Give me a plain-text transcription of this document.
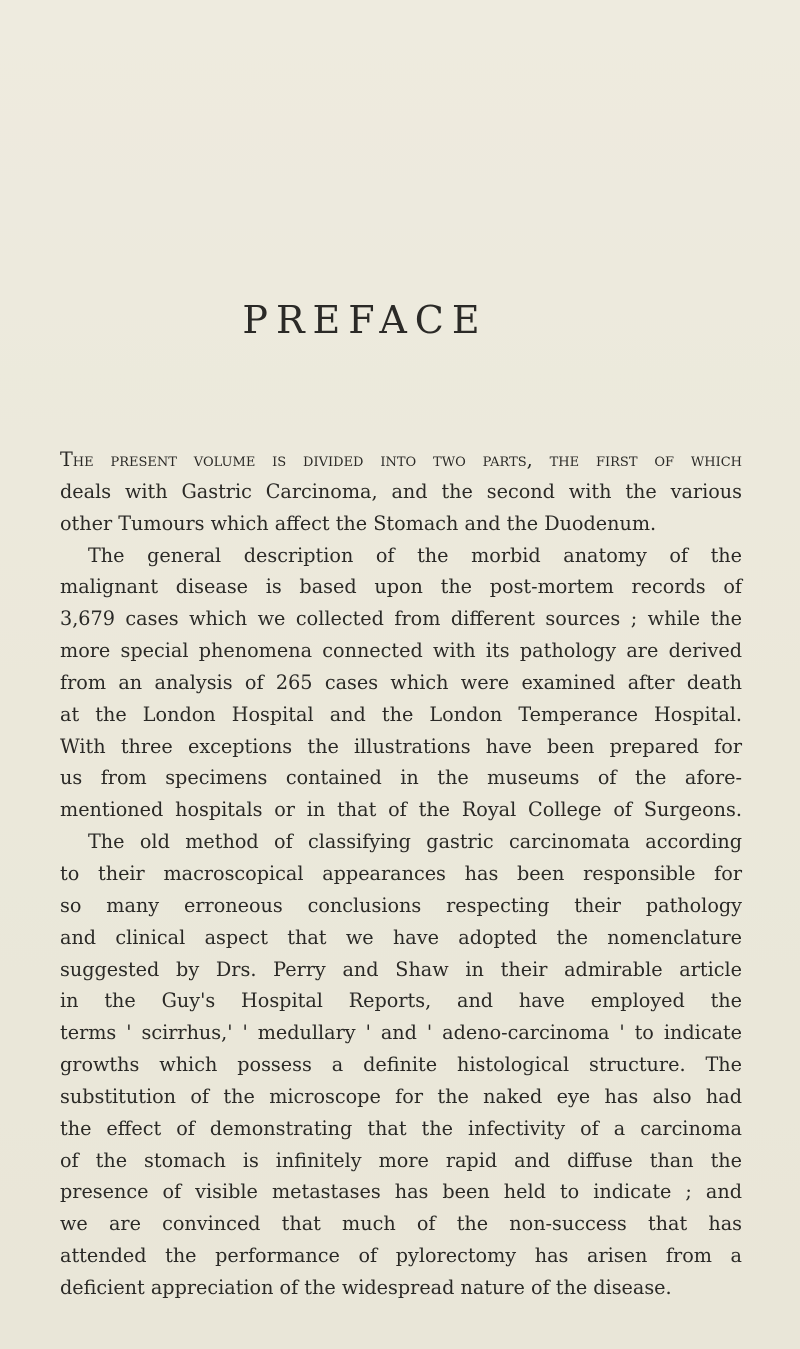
PREFACE
The present volume is divided into two parts, the first of which
deals with Gastric Carcinoma, and the second with the various
other Tumours which affect the Stomach and the Duodenum.
The general description of the morbid anatomy of the
malignant disease is based upon the post-mortem records of
3,679 cases which we collected from different sources ; while the
more special phenomena connected with its pathology are derived
from an analysis of 265 cases which were examined after death
at the London Hospital and the London Temperance Hospital.
With three exceptions the illustrations have been prepared for
us from specimens contained in the museums of the afore-
mentioned hospitals or in that of the Royal College of Surgeons.
The old method of classifying gastric carcinomata according
to their macroscopical appearances has been responsible for
so many erroneous conclusions respecting their pathology
and clinical aspect that we have adopted the nomenclature
suggested by Drs. Perry and Shaw in their admirable article
in the Guy's Hospital Reports, and have employed the
terms ' scirrhus,' ' medullary ' and ' adeno-carcinoma ' to indicate
growths which possess a definite histological structure. The
substitution of the microscope for the naked eye has also had
the effect of demonstrating that the infectivity of a carcinoma
of the stomach is infinitely more rapid and diffuse than the
presence of visible metastases has been held to indicate ; and
we are convinced that much of the non-success that has
attended the performance of pylorectomy has arisen from a
deficient appreciation of the widespread nature of the disease.
